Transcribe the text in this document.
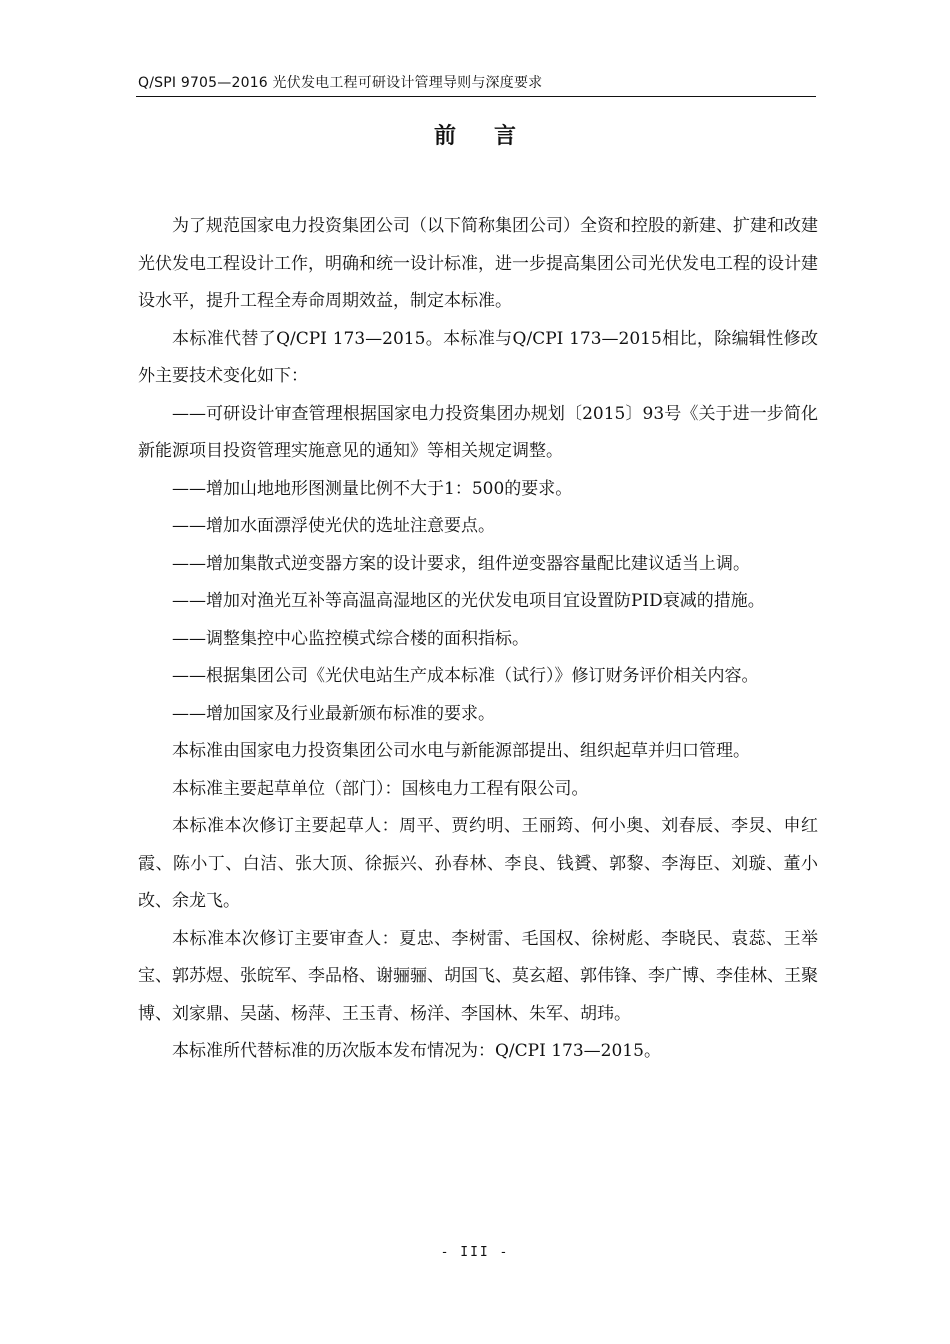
Q/SPI 9705—2016 光伏发电工程可研设计管理导则与深度要求
前言

为了规范国家电力投资集团公司（以下简称集团公司）全资和控股的新建、扩建和改建光伏发电工程设计工作，明确和统一设计标准，进一步提高集团公司光伏发电工程的设计建设水平，提升工程全寿命周期效益，制定本标准。

本标准代替了Q/CPI 173—2015。本标准与Q/CPI 173—2015相比，除编辑性修改外主要技术变化如下：

——可研设计审查管理根据国家电力投资集团办规划〔2015〕93号《关于进一步简化新能源项目投资管理实施意见的通知》等相关规定调整。

——增加山地地形图测量比例不大于1：500的要求。

——增加水面漂浮使光伏的选址注意要点。

——增加集散式逆变器方案的设计要求，组件逆变器容量配比建议适当上调。

——增加对渔光互补等高温高湿地区的光伏发电项目宜设置防PID衰减的措施。

——调整集控中心监控模式综合楼的面积指标。

——根据集团公司《光伏电站生产成本标准（试行）》修订财务评价相关内容。

——增加国家及行业最新颁布标准的要求。

本标准由国家电力投资集团公司水电与新能源部提出、组织起草并归口管理。

本标准主要起草单位（部门）：国核电力工程有限公司。

本标准本次修订主要起草人：周平、贾约明、王丽筠、何小奥、刘春辰、李炅、申红霞、陈小丁、白洁、张大顶、徐振兴、孙春林、李良、钱贇、郭黎、李海臣、刘璇、董小改、余龙飞。

本标准本次修订主要审查人：夏忠、李树雷、毛国权、徐树彪、李晓民、袁蕊、王举宝、郭苏煜、张皖军、李品格、谢骊骊、胡国飞、莫玄超、郭伟锋、李广博、李佳林、王聚博、刘家鼎、吴菡、杨萍、王玉青、杨洋、李国林、朱军、胡玮。

本标准所代替标准的历次版本发布情况为：Q/CPI 173—2015。

- III -
